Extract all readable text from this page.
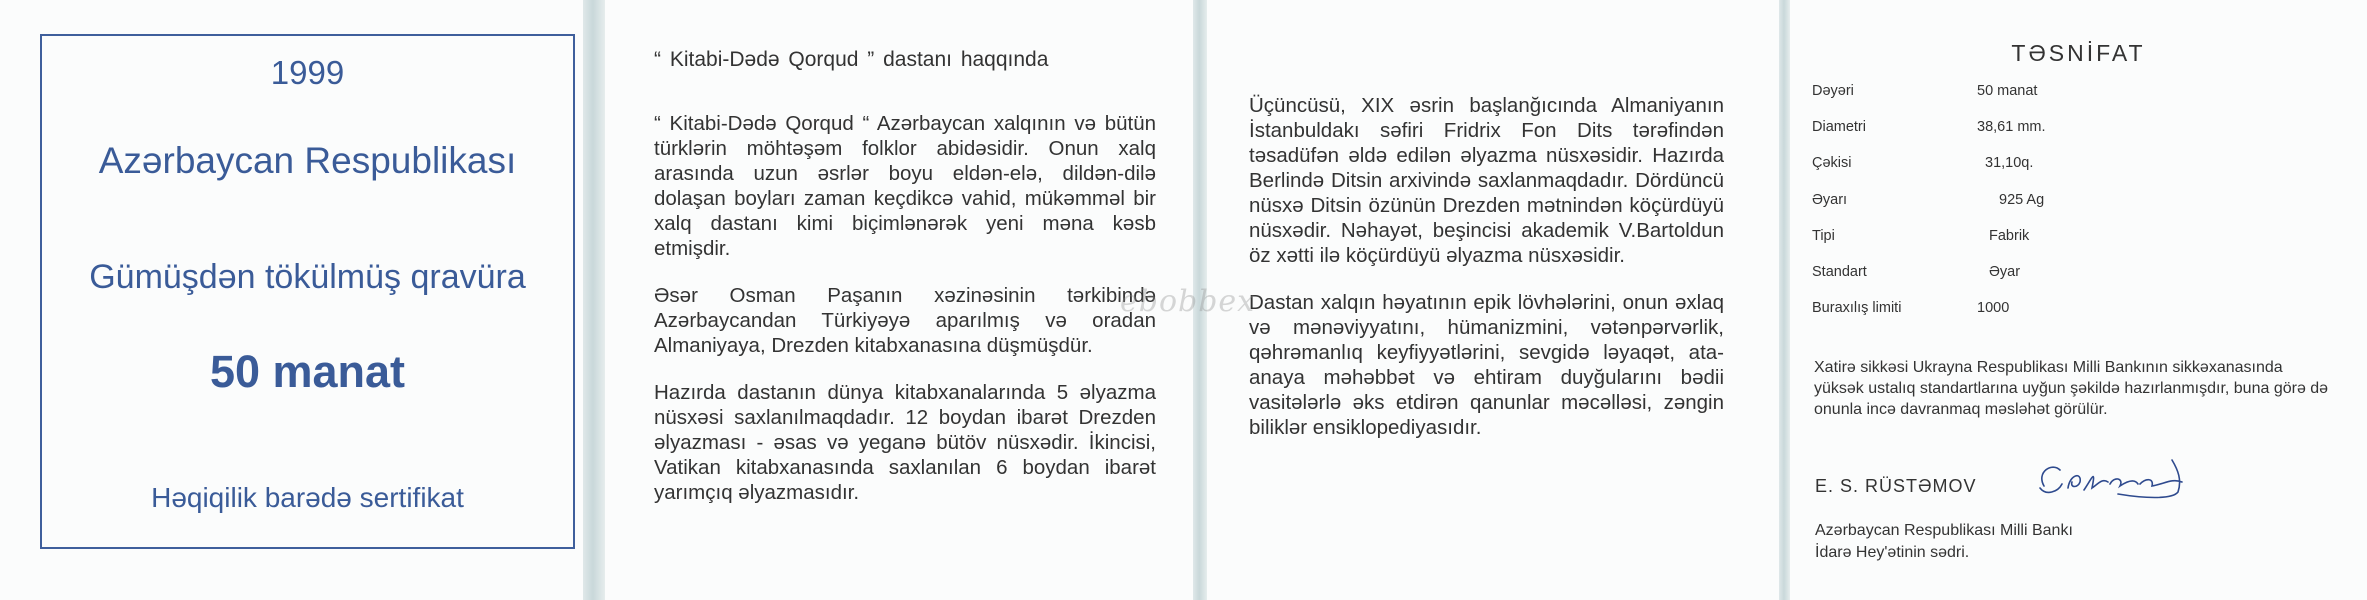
1999
Azərbaycan Respublikası
Gümüşdən tökülmüş qravüra
50 manat
Həqiqilik barədə sertifikat
“ Kitabi-Dədə Qorqud ” dastanı haqqında

“ Kitabi-Dədə Qorqud “ Azərbaycan xalqının və bütün türklərin möhtəşəm folklor abidəsidir. Onun xalq arasında uzun əsrlər boyu eldən-elə, dildən-dilə dolaşan boyları zaman keçdikcə vahid, mükəmməl bir xalq dastanı kimi biçimlənərək yeni məna kəsb etmişdir.

Əsər Osman Paşanın xəzinəsinin tərkibində Azərbaycandan Türkiyəyə aparılmış və oradan Almaniyaya, Drezden kitabxanasına düşmüşdür.

Hazırda dastanın dünya kitabxanalarında 5 əlyazma nüsxəsi saxlanılmaqdadır. 12 boydan ibarət Drezden əlyazması - əsas və yeganə bütöv nüsxədir. İkincisi, Vatikan kitabxanasında saxlanılan 6 boydan ibarət yarımçıq əlyazmasıdır.

Üçüncüsü, XIX əsrin başlanğıcında Almaniyanın İstanbuldakı səfiri Fridrix Fon Dits tərəfindən təsadüfən əldə edilən əlyazma nüsxəsidir. Hazırda Berlində Ditsin arxivində saxlanmaqdadır. Dördüncü nüsxə Ditsin özünün Drezden mətnindən köçürdüyü nüsxədir. Nəhayət, beşincisi akademik V.Bartoldun öz xətti ilə köçürdüyü əlyazma nüsxəsidir.

Dastan xalqın həyatının epik lövhələrini, onun əxlaq və mənəviyyatını, hümanizmini, vətənpərvərlik, qəhrəmanlıq keyfiyyətlərini, sevgidə ləyaqət, ata-anaya məhəbbət və ehtiram duyğularını bədii vasitələrlə əks etdirən qanunlar məcəlləsi, zəngin biliklər ensiklopediyasıdır.

TƏSNİFAT
Dəyəri	50 manat
Diametri	38,61 mm.
Çəkisi	31,10q.
Əyarı	925 Ag
Tipi	Fabrik
Standart	Əyar
Buraxılış limiti	1000
Xatirə sikkəsi Ukrayna Respublikası Milli Bankının sikkəxanasında yüksək ustalıq standartlarına uyğun şəkildə hazırlanmışdır, buna görə də onunla incə davranmaq məsləhət görülür.
E. S. RÜSTƏMOV
Azərbaycan Respublikası Milli Bankı
İdarə Hey'ətinin sədri.
ebobbex
